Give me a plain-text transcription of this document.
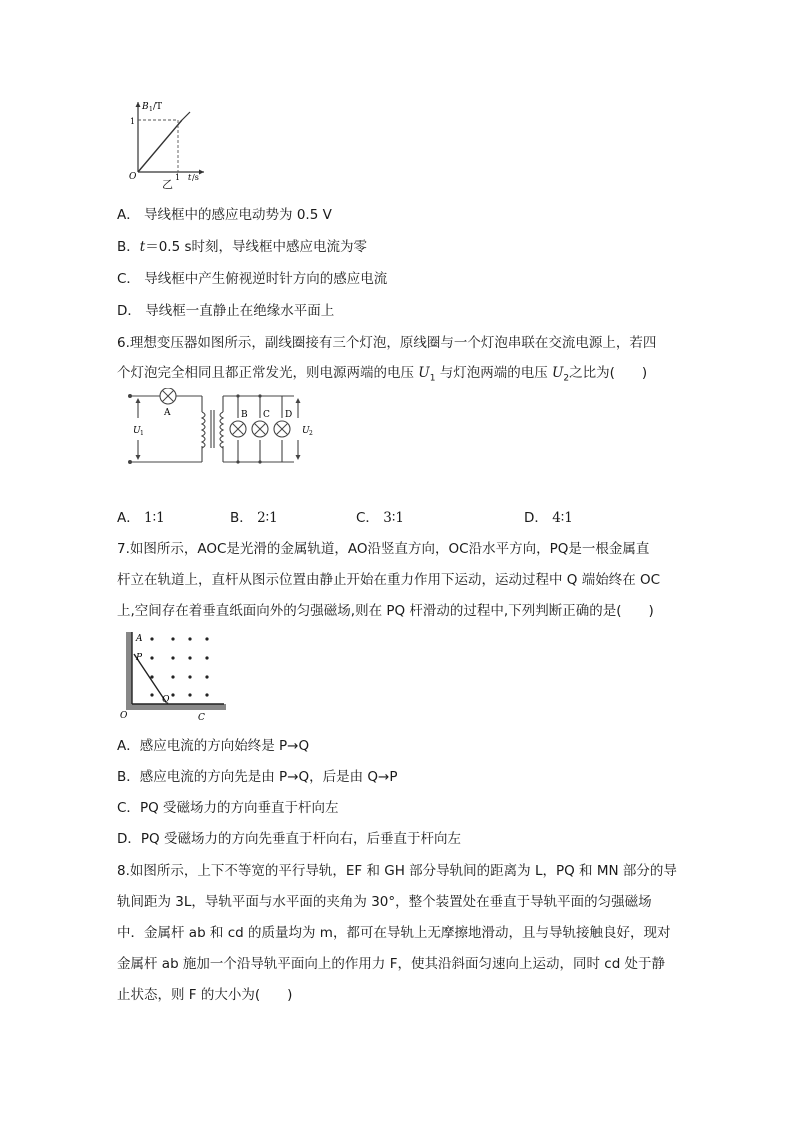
B 1 /T
1
O	1 t /s
乙
A． 导线框中的感应电动势为 0.5 V
B．t＝0.5 s时刻，导线框中感应电流为零
C． 导线框中产生俯视逆时针方向的感应电流
D． 导线框一直静止在绝缘水平面上
6.理想变压器如图所示，副线圈接有三个灯泡，原线圈与一个灯泡串联在交流电源上，若四
个灯泡完全相同且都正常发光，则电源两端的电压 $U_1$ 与灯泡两端的电压 $U_2$之比为(　　)
A	B C D
U 1	U 2
A． 1∶1	B． 2∶1	C． 3∶1	D． 4∶1
7.如图所示，AOC是光滑的金属轨道，AO沿竖直方向，OC沿水平方向，PQ是一根金属直
杆立在轨道上，直杆从图示位置由静止开始在重力作用下运动，运动过程中 Q 端始终在 OC
上,空间存在着垂直纸面向外的匀强磁场,则在 PQ 杆滑动的过程中,下列判断正确的是(　　)
A
P
O
Q
C
A．感应电流的方向始终是 P→Q
B．感应电流的方向先是由 P→Q，后是由 Q→P
C．PQ 受磁场力的方向垂直于杆向左
D．PQ 受磁场力的方向先垂直于杆向右，后垂直于杆向左
8.如图所示，上下不等宽的平行导轨，EF 和 GH 部分导轨间的距离为 L，PQ 和 MN 部分的导
轨间距为 3L，导轨平面与水平面的夹角为 30°，整个装置处在垂直于导轨平面的匀强磁场
中．金属杆 ab 和 cd 的质量均为 m，都可在导轨上无摩擦地滑动，且与导轨接触良好，现对
金属杆 ab 施加一个沿导轨平面向上的作用力 F，使其沿斜面匀速向上运动，同时 cd 处于静
止状态，则 F 的大小为(　　)
